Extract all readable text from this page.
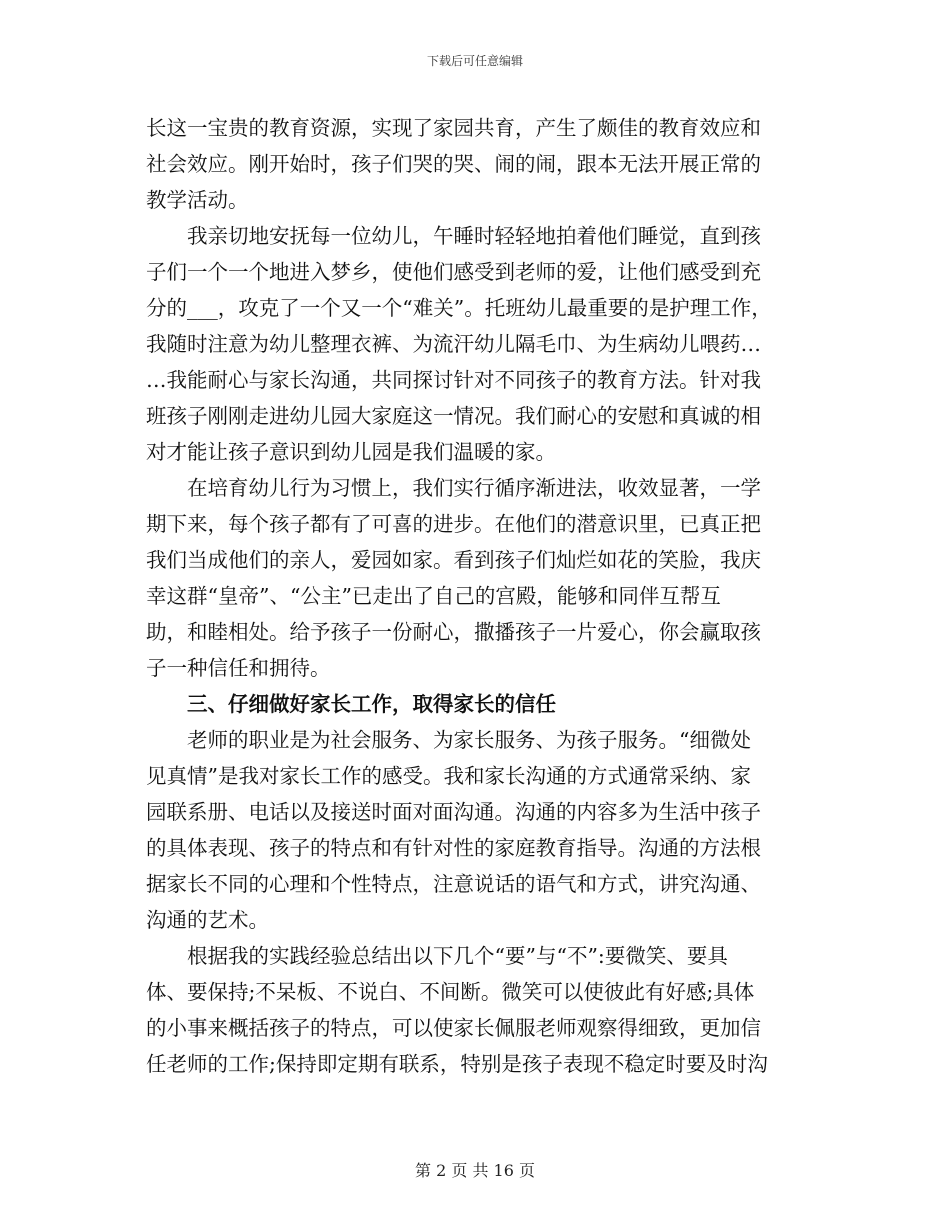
下载后可任意编辑
长这一宝贵的教育资源，实现了家园共育，产生了颇佳的教育效应和
社会效应。刚开始时，孩子们哭的哭、闹的闹，跟本无法开展正常的
教学活动。
我亲切地安抚每一位幼儿，午睡时轻轻地拍着他们睡觉，直到孩
子们一个一个地进入梦乡，使他们感受到老师的爱，让他们感受到充
分的___，攻克了一个又一个“难关”。托班幼儿最重要的是护理工作，
我随时注意为幼儿整理衣裤、为流汗幼儿隔毛巾、为生病幼儿喂药…
…我能耐心与家长沟通，共同探讨针对不同孩子的教育方法。针对我
班孩子刚刚走进幼儿园大家庭这一情况。我们耐心的安慰和真诚的相
对才能让孩子意识到幼儿园是我们温暖的家。
在培育幼儿行为习惯上，我们实行循序渐进法，收效显著，一学
期下来，每个孩子都有了可喜的进步。在他们的潜意识里，已真正把
我们当成他们的亲人，爱园如家。看到孩子们灿烂如花的笑脸，我庆
幸这群“皇帝”、“公主”已走出了自己的宫殿，能够和同伴互帮互
助，和睦相处。给予孩子一份耐心，撒播孩子一片爱心，你会赢取孩
子一种信任和拥待。
三、仔细做好家长工作，取得家长的信任
老师的职业是为社会服务、为家长服务、为孩子服务。“细微处
见真情”是我对家长工作的感受。我和家长沟通的方式通常采纳、家
园联系册、电话以及接送时面对面沟通。沟通的内容多为生活中孩子
的具体表现、孩子的特点和有针对性的家庭教育指导。沟通的方法根
据家长不同的心理和个性特点，注意说话的语气和方式，讲究沟通、
沟通的艺术。
根据我的实践经验总结出以下几个“要”与“不”:要微笑、要具
体、要保持;不呆板、不说白、不间断。微笑可以使彼此有好感;具体
的小事来概括孩子的特点，可以使家长佩服老师观察得细致，更加信
任老师的工作;保持即定期有联系，特别是孩子表现不稳定时要及时沟
第 2 页 共 16 页
